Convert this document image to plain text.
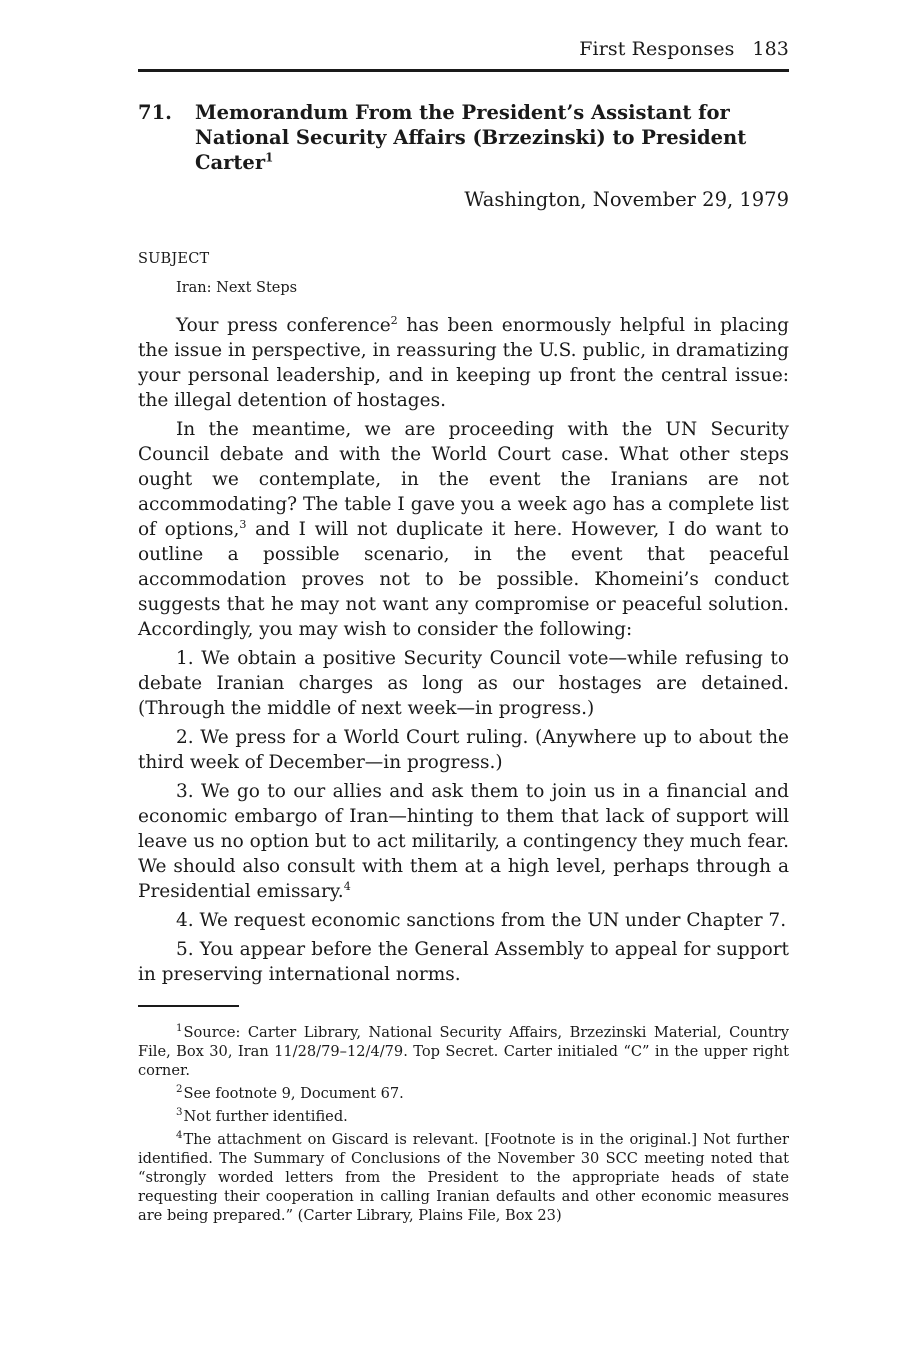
First Responses 183
71. Memorandum From the President’s Assistant for National Security Affairs (Brzezinski) to President Carter$^1$
Washington, November 29, 1979
SUBJECT
Iran: Next Steps

Your press conference$^2$ has been enormously helpful in placing the issue in perspective, in reassuring the U.S. public, in dramatizing your personal leadership, and in keeping up front the central issue: the illegal detention of hostages.

In the meantime, we are proceeding with the UN Security Council debate and with the World Court case. What other steps ought we contemplate, in the event the Iranians are not accommodating? The table I gave you a week ago has a complete list of options,$^3$ and I will not duplicate it here. However, I do want to outline a possible scenario, in the event that peaceful accommodation proves not to be possible. Khomeini’s conduct suggests that he may not want any compromise or peaceful solution. Accordingly, you may wish to consider the following:

1. We obtain a positive Security Council vote—while refusing to debate Iranian charges as long as our hostages are detained. (Through the middle of next week—in progress.)

2. We press for a World Court ruling. (Anywhere up to about the third week of December—in progress.)

3. We go to our allies and ask them to join us in a financial and economic embargo of Iran—hinting to them that lack of support will leave us no option but to act militarily, a contingency they much fear. We should also consult with them at a high level, perhaps through a Presidential emissary.$^4$

4. We request economic sanctions from the UN under Chapter 7.

5. You appear before the General Assembly to appeal for support in preserving international norms.

$^1$Source: Carter Library, National Security Affairs, Brzezinski Material, Country File, Box 30, Iran 11/28/79–12/4/79. Top Secret. Carter initialed “C” in the upper right corner.

$^2$See footnote 9, Document 67.

$^3$Not further identified.

$^4$The attachment on Giscard is relevant. [Footnote is in the original.] Not further identified. The Summary of Conclusions of the November 30 SCC meeting noted that “strongly worded letters from the President to the appropriate heads of state requesting their cooperation in calling Iranian defaults and other economic measures are being prepared.” (Carter Library, Plains File, Box 23)
